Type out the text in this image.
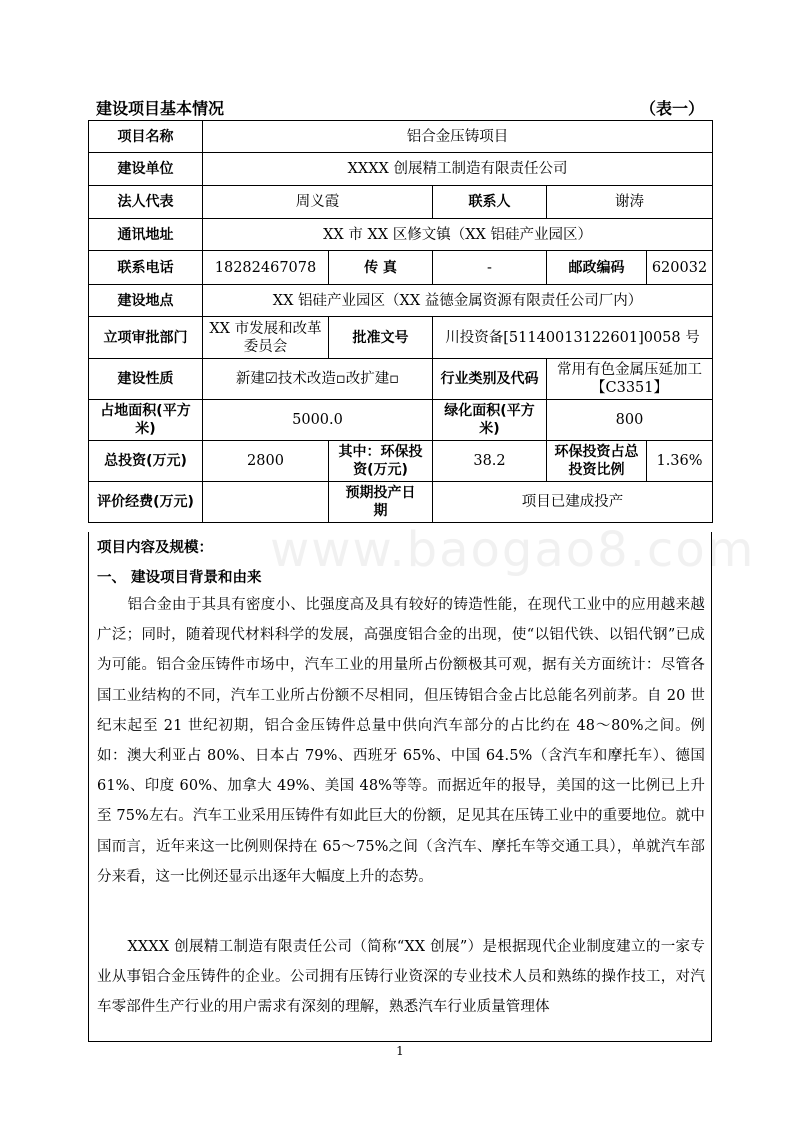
建设项目基本情况	（表一）
项目名称	铝合金压铸项目				
建设单位	XXXX 创展精工制造有限责任公司				
法人代表	周义霞		联系人	谢涛	
通讯地址	XX 市 XX 区修文镇（XX 铝硅产业园区）				
联系电话	18282467078	传 真	-	邮政编码	620032
建设地点	XX 铝硅产业园区（XX 益德金属资源有限责任公司厂内）				
立项审批部门	XX 市发展和改革委员会	批准文号	川投资备[51140013122601]0058 号		
建设性质	新建☑技术改造▫改扩建▫		行业类别及代码	常用有色金属压延加工【C3351】	
占地面积(平方米)	5000.0		绿化面积(平方米)	800	
总投资(万元)	2800	其中：环保投资(万元)	38.2	环保投资占总投资比例	1.36%
评价经费(万元)		预期投产日　期	项目已建成投产		
www.baogao8.com
项目内容及规模：
一、 建设项目背景和由来

铝合金由于其具有密度小、比强度高及具有较好的铸造性能，在现代工业中的应用越来越广泛；同时，随着现代材料科学的发展，高强度铝合金的出现，使“以铝代铁、以铝代钢”已成为可能。铝合金压铸件市场中，汽车工业的用量所占份额极其可观，据有关方面统计：尽管各国工业结构的不同，汽车工业所占份额不尽相同，但压铸铝合金占比总能名列前茅。自 20 世纪末起至 21 世纪初期，铝合金压铸件总量中供向汽车部分的占比约在 48～80%之间。例如：澳大利亚占 80%、日本占 79%、西班牙 65%、中国 64.5%（含汽车和摩托车）、德国 61%、印度 60%、加拿大 49%、美国 48%等等。而据近年的报导，美国的这一比例已上升至 75%左右。汽车工业采用压铸件有如此巨大的份额，足见其在压铸工业中的重要地位。就中国而言，近年来这一比例则保持在 65～75%之间（含汽车、摩托车等交通工具），单就汽车部分来看，这一比例还显示出逐年大幅度上升的态势。

XXXX 创展精工制造有限责任公司（简称“XX 创展”）是根据现代企业制度建立的一家专业从事铝合金压铸件的企业。公司拥有压铸行业资深的专业技术人员和熟练的操作技工，对汽车零部件生产行业的用户需求有深刻的理解，熟悉汽车行业质量管理体

1
